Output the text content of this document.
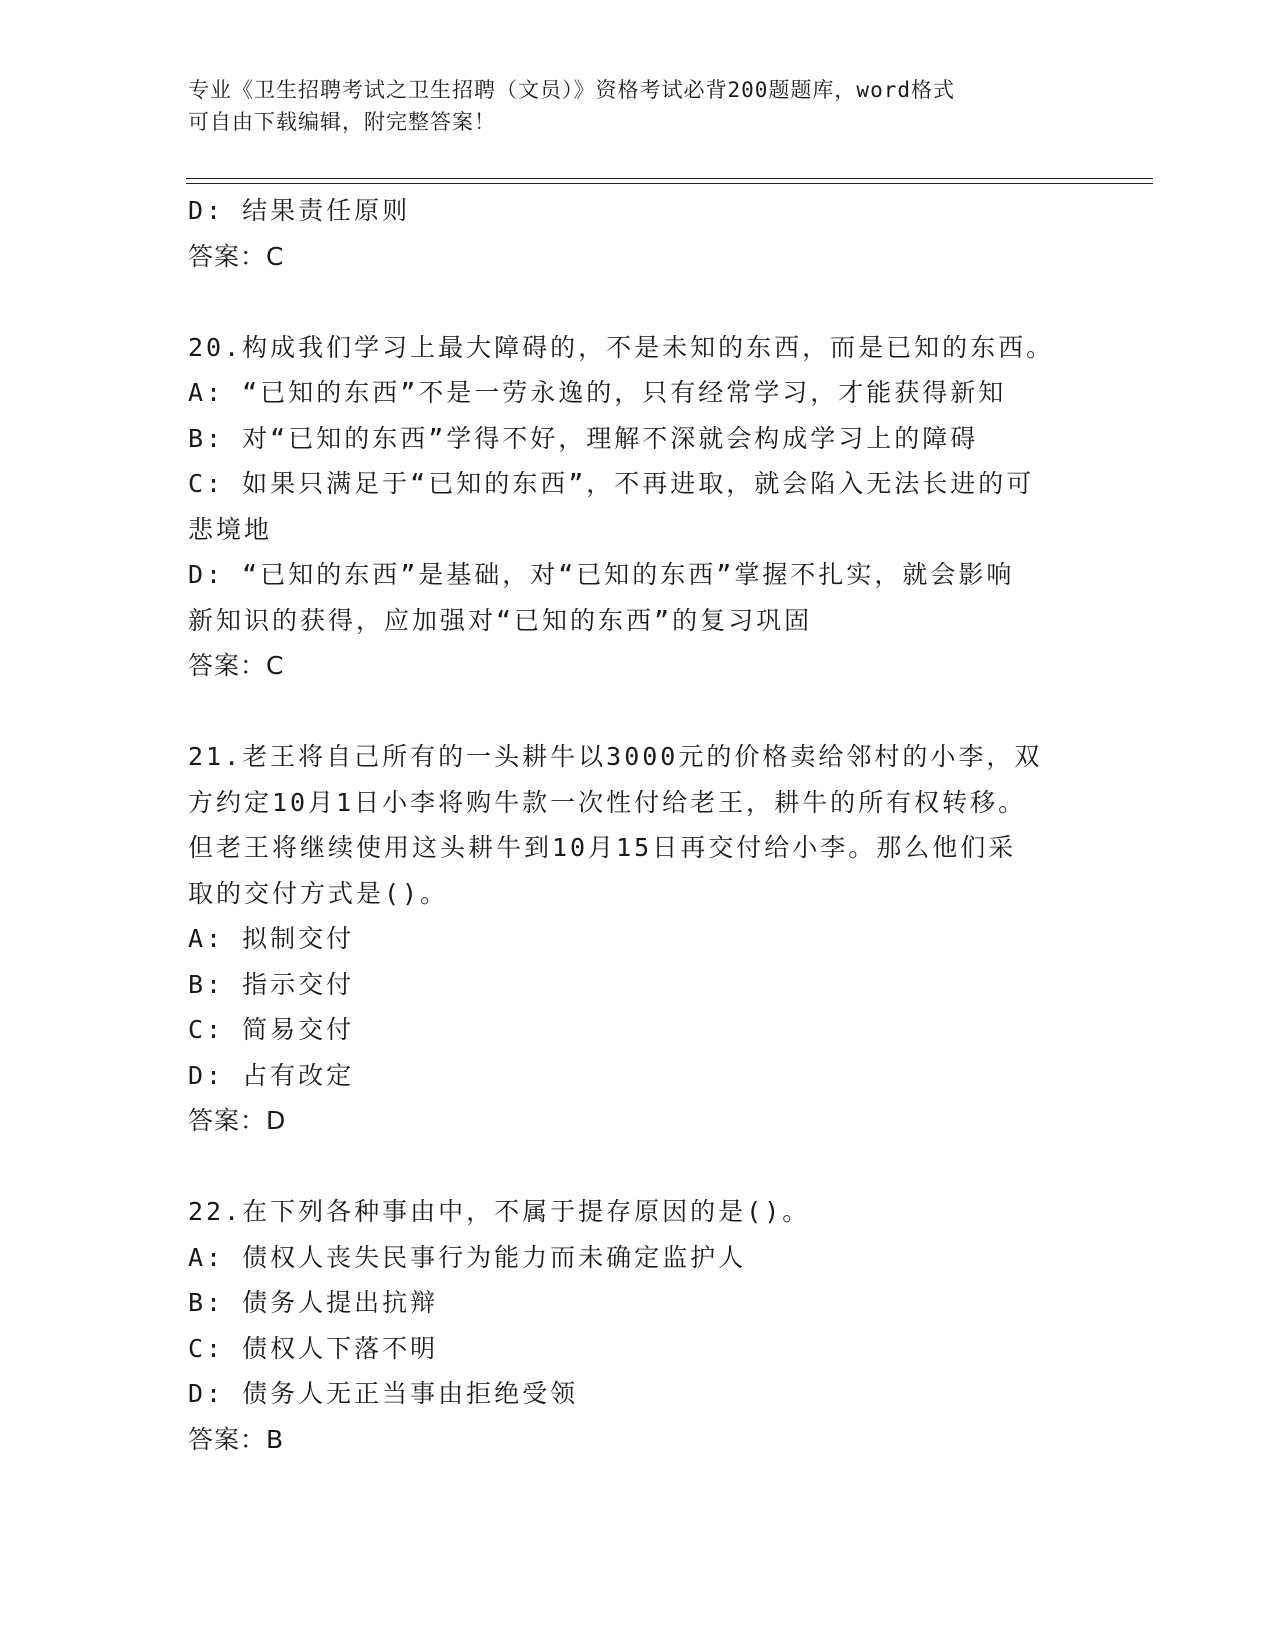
专业《卫生招聘考试之卫生招聘（文员）》资格考试必背200题题库，word格式
可自由下载编辑，附完整答案！
D: 结果责任原则
答案：C
20.构成我们学习上最大障碍的，不是未知的东西，而是已知的东西。
A: “已知的东西”不是一劳永逸的，只有经常学习，才能获得新知
B: 对“已知的东西”学得不好，理解不深就会构成学习上的障碍
C: 如果只满足于“已知的东西”，不再进取，就会陷入无法长进的可
悲境地
D: “已知的东西”是基础，对“已知的东西”掌握不扎实，就会影响
新知识的获得，应加强对“已知的东西”的复习巩固
答案：C
21.老王将自己所有的一头耕牛以3000元的价格卖给邻村的小李，双
方约定10月1日小李将购牛款一次性付给老王，耕牛的所有权转移。
但老王将继续使用这头耕牛到10月15日再交付给小李。那么他们采
取的交付方式是()。
A: 拟制交付
B: 指示交付
C: 简易交付
D: 占有改定
答案：D
22.在下列各种事由中，不属于提存原因的是()。
A: 债权人丧失民事行为能力而未确定监护人
B: 债务人提出抗辩
C: 债权人下落不明
D: 债务人无正当事由拒绝受领
答案：B
